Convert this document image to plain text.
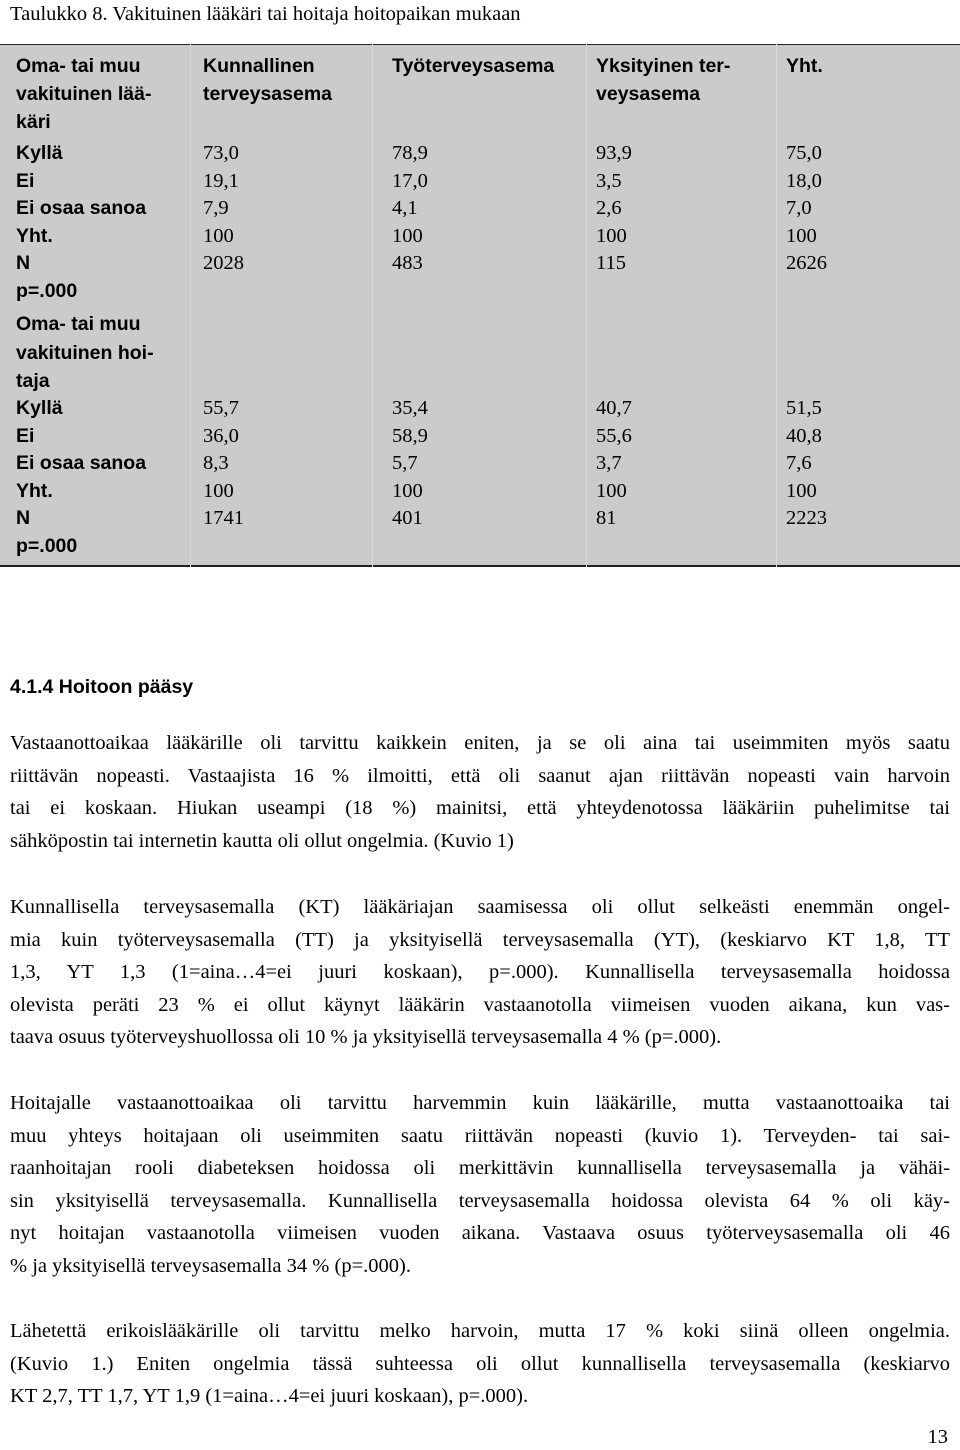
Taulukko 8. Vakituinen lääkäri tai hoitaja hoitopaikan mukaan
Oma- tai muu
vakituinen lää-
käri
Kunnallinen
terveysasema
Työterveysasema Yksityinen ter-
veysasema
Yht.
Kyllä
Ei
Ei osaa sanoa
Yht.
N
p=.000
73,0
19,1
7,9
100
2028
78,9
17,0
4,1
100
483
93,9
3,5
2,6
100
115
75,0
18,0
7,0
100
2626
Oma- tai muu
vakituinen hoi-
taja
Kyllä
Ei
Ei osaa sanoa
Yht.
N
p=.000
55,7
36,0
8,3
100
1741
35,4
58,9
5,7
100
401
40,7
55,6
3,7
100
81
51,5
40,8
7,6
100
2223
4.1.4 Hoitoon pääsy
Vastaanottoaikaa lääkärille oli tarvittu kaikkein eniten, ja se oli aina tai useimmiten myös saatu
riittävän nopeasti. Vastaajista 16 % ilmoitti, että oli saanut ajan riittävän nopeasti vain harvoin
tai ei koskaan. Hiukan useampi (18 %) mainitsi, että yhteydenotossa lääkäriin puhelimitse tai
sähköpostin tai internetin kautta oli ollut ongelmia. (Kuvio 1)
Kunnallisella terveysasemalla (KT) lääkäriajan saamisessa oli ollut selkeästi enemmän ongel-
mia kuin työterveysasemalla (TT) ja yksityisellä terveysasemalla (YT), (keskiarvo KT 1,8, TT
1,3, YT 1,3 (1=aina…4=ei juuri koskaan), p=.000). Kunnallisella terveysasemalla hoidossa
olevista peräti 23 % ei ollut käynyt lääkärin vastaanotolla viimeisen vuoden aikana, kun vas-
taava osuus työterveyshuollossa oli 10 % ja yksityisellä terveysasemalla 4 % (p=.000).
Hoitajalle vastaanottoaikaa oli tarvittu harvemmin kuin lääkärille, mutta vastaanottoaika tai
muu yhteys hoitajaan oli useimmiten saatu riittävän nopeasti (kuvio 1). Terveyden- tai sai-
raanhoitajan rooli diabeteksen hoidossa oli merkittävin kunnallisella terveysasemalla ja vähäi-
sin yksityisellä terveysasemalla. Kunnallisella terveysasemalla hoidossa olevista 64 % oli käy-
nyt hoitajan vastaanotolla viimeisen vuoden aikana. Vastaava osuus työterveysasemalla oli 46
% ja yksityisellä terveysasemalla 34 % (p=.000).
Lähetettä erikoislääkärille oli tarvittu melko harvoin, mutta 17 % koki siinä olleen ongelmia.
(Kuvio 1.) Eniten ongelmia tässä suhteessa oli ollut kunnallisella terveysasemalla (keskiarvo
KT 2,7, TT 1,7, YT 1,9 (1=aina…4=ei juuri koskaan), p=.000).
13
